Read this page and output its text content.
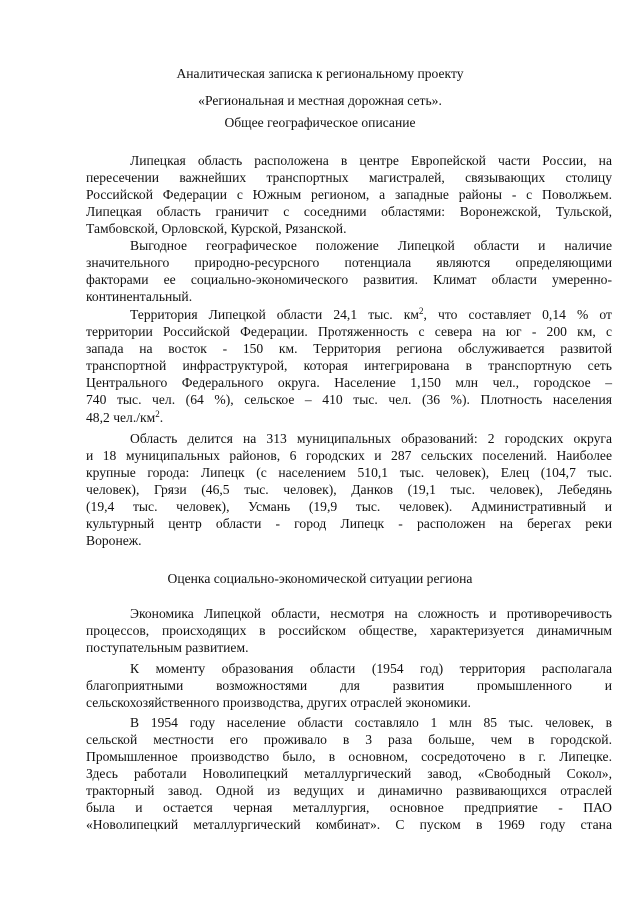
Аналитическая записка к региональному проекту
«Региональная и местная дорожная сеть».
Общее географическое описание
Липецкая область расположена в центре Европейской части России, на
пересечении важнейших транспортных магистралей, связывающих столицу
Российской Федерации с Южным регионом, а западные районы - с Поволжьем.
Липецкая область граничит с соседними областями: Воронежской, Тульской,
Тамбовской, Орловской, Курской, Рязанской.
Выгодное географическое положение Липецкой области и наличие
значительного природно-ресурсного потенциала являются определяющими
факторами ее социально-экономического развития. Климат области умеренно-
континентальный.
Территория Липецкой области 24,1 тыс. $км^2$, что составляет 0,14 % от
территории Российской Федерации. Протяженность с севера на юг - 200 км, с
запада на восток - 150 км. Территория региона обслуживается развитой
транспортной инфраструктурой, которая интегрирована в транспортную сеть
Центрального Федерального округа. Население 1,150 млн чел., городское –
740 тыс. чел. (64 %), сельское – 410 тыс. чел. (36 %). Плотность населения
48,2 $чел./км^2$.
Область делится на 313 муниципальных образований: 2 городских округа
и 18 муниципальных районов, 6 городских и 287 сельских поселений. Наиболее
крупные города: Липецк (с населением 510,1 тыс. человек), Елец (104,7 тыс.
человек), Грязи (46,5 тыс. человек), Данков (19,1 тыс. человек), Лебедянь
(19,4 тыс. человек), Усмань (19,9 тыс. человек). Административный и
культурный центр области - город Липецк - расположен на берегах реки
Воронеж.
Оценка социально-экономической ситуации региона
Экономика Липецкой области, несмотря на сложность и противоречивость
процессов, происходящих в российском обществе, характеризуется динамичным
поступательным развитием.
К моменту образования области (1954 год) территория располагала
благоприятными возможностями для развития промышленного и
сельскохозяйственного производства, других отраслей экономики.
В 1954 году население области составляло 1 млн 85 тыс. человек, в
сельской местности его проживало в 3 раза больше, чем в городской.
Промышленное производство было, в основном, сосредоточено в г. Липецке.
Здесь работали Новолипецкий металлургический завод, «Свободный Сокол»,
тракторный завод. Одной из ведущих и динамично развивающихся отраслей
была и остается черная металлургия, основное предприятие - ПАО
«Новолипецкий металлургический комбинат». С пуском в 1969 году стана
